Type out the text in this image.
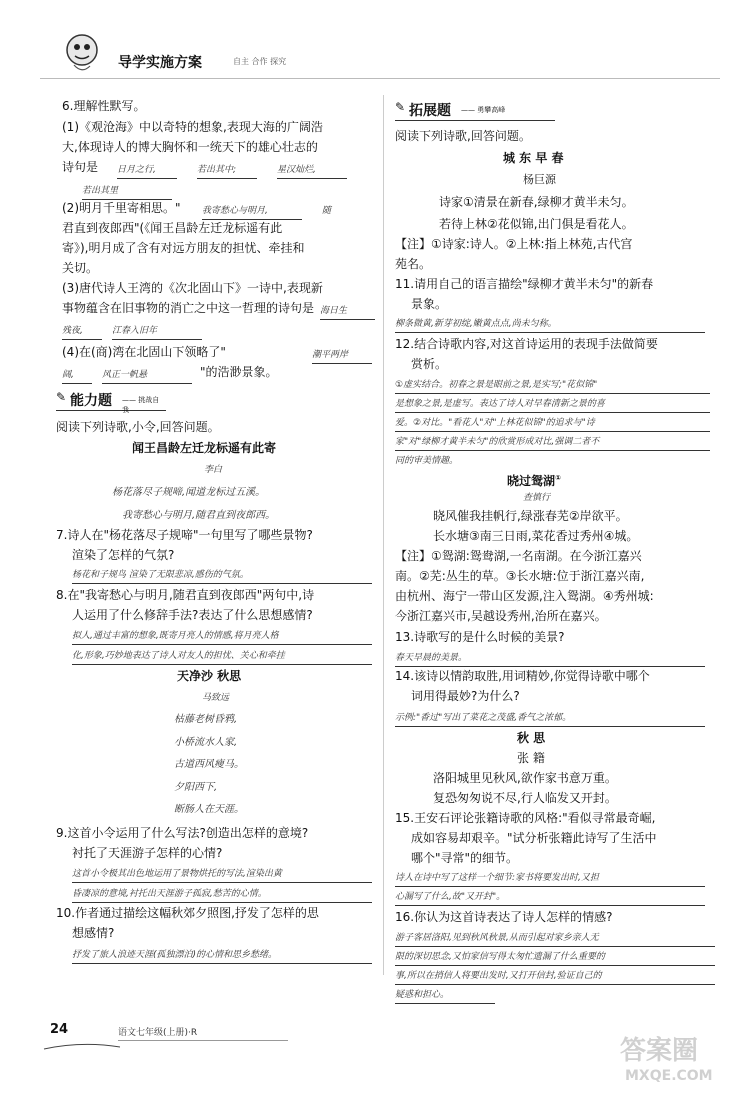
导学实施方案	自主 合作 探究
6.理解性默写。
(1)《观沧海》中以奇特的想象,表现大海的广阔浩
大,体现诗人的博大胸怀和一统天下的雄心壮志的
诗句是 日月之行,	若出其中;	星汉灿烂,
若出其里
(2)明月千里寄相思。" 我寄愁心与明月,	随
君直到夜郎西"(《闻王昌龄左迁龙标遥有此
寄》),明月成了含有对远方朋友的担忧、牵挂和
关切。
(3)唐代诗人王湾的《次北固山下》一诗中,表现新
事物蕴含在旧事物的消亡之中这一哲理的诗句是 海日生
残夜,	江春入旧年
(4)在(商)湾在北固山下领略了"	潮平两岸
阔,	风正一帆悬	"的浩渺景象。
✎ 能力题 —— 挑战自我
阅读下列诗歌,小令,回答问题。
闻王昌龄左迁龙标遥有此寄
李白
杨花落尽子规啼,闻道龙标过五溪。
我寄愁心与明月,随君直到夜郎西。
7.诗人在"杨花落尽子规啼"一句里写了哪些景物?
渲染了怎样的气氛?
杨花和子规鸟 渲染了无限悲凉,感伤的气氛。
8.在"我寄愁心与明月,随君直到夜郎西"两句中,诗
人运用了什么修辞手法?表达了什么思想感情?
拟人,通过丰富的想象,既寄月亮人的情感,将月亮人格
化,形象,巧妙地表达了诗人对友人的担忧、关心和牵挂
天净沙 秋思
马致远
枯藤老树昏鸦,
小桥流水人家,
古道西风瘦马。
夕阳西下,
断肠人在天涯。
9.这首小令运用了什么写法?创造出怎样的意境?
衬托了天涯游子怎样的心情?
这首小令极其出色地运用了景物烘托的写法,渲染出黄
昏凄凉的意境,衬托出天涯游子孤寂,愁苦的心情。
10.作者通过描绘这幅秋郊夕照图,抒发了怎样的思
想感情?
抒发了旅人浪迹天涯(孤独漂泊)的心情和思乡愁绪。
✎ 拓展题 —— 勇攀高峰
阅读下列诗歌,回答问题。
城 东 早 春
杨巨源
诗家①清景在新春,绿柳才黄半未匀。
若待上林②花似锦,出门俱是看花人。
【注】①诗家:诗人。②上林:指上林苑,古代宫
苑名。
11.请用自己的语言描绘"绿柳才黄半未匀"的新春
景象。
柳条微黄,新芽初绽,嫩黄点点,尚未匀称。
12.结合诗歌内容,对这首诗运用的表现手法做简要
赏析。
①虚实结合。初春之景是眼前之景,是实写;"花似锦"
是想象之景,是虚写。表达了诗人对早春清新之景的喜
爱。②对比。"看花人"对"上林花似锦"的追求与"诗
家"对"绿柳才黄半未匀"的欣赏形成对比,强调二者不
同的审美情趣。
晓过鸳湖①
查慎行
晓风催我挂帆行,绿涨春芜②岸欲平。
长水塘③南三日雨,菜花香过秀州④城。
【注】①鸳湖:鸳鸯湖,一名南湖。在今浙江嘉兴
南。②芜:丛生的草。③长水塘:位于浙江嘉兴南,
由杭州、海宁一带山区发源,注入鸳湖。④秀州城:
今浙江嘉兴市,吴越设秀州,治所在嘉兴。
13.诗歌写的是什么时候的美景?
春天早晨的美景。
14.该诗以情韵取胜,用词精妙,你觉得诗歌中哪个
词用得最妙?为什么?
示例:"香过"写出了菜花之茂盛,香气之浓郁。
秋 思
张 籍
洛阳城里见秋风,欲作家书意万重。
复恐匆匆说不尽,行人临发又开封。
15.王安石评论张籍诗歌的风格:"看似寻常最奇崛,
成如容易却艰辛。"试分析张籍此诗写了生活中
哪个"寻常"的细节。
诗人在诗中写了这样一个细节:家书将要发出时,又担
心漏写了什么,故"又开封"。
16.你认为这首诗表达了诗人怎样的情感?
游子客居洛阳,见到秋风秋景,从而引起对家乡亲人无
限的深切思念,又怕家信写得太匆忙遗漏了什么重要的
事,所以在捎信人将要出发时,又打开信封,验证自己的
疑惑和担心。
24	语文七年级(上册)·R
答案圈
MXQE.COM
